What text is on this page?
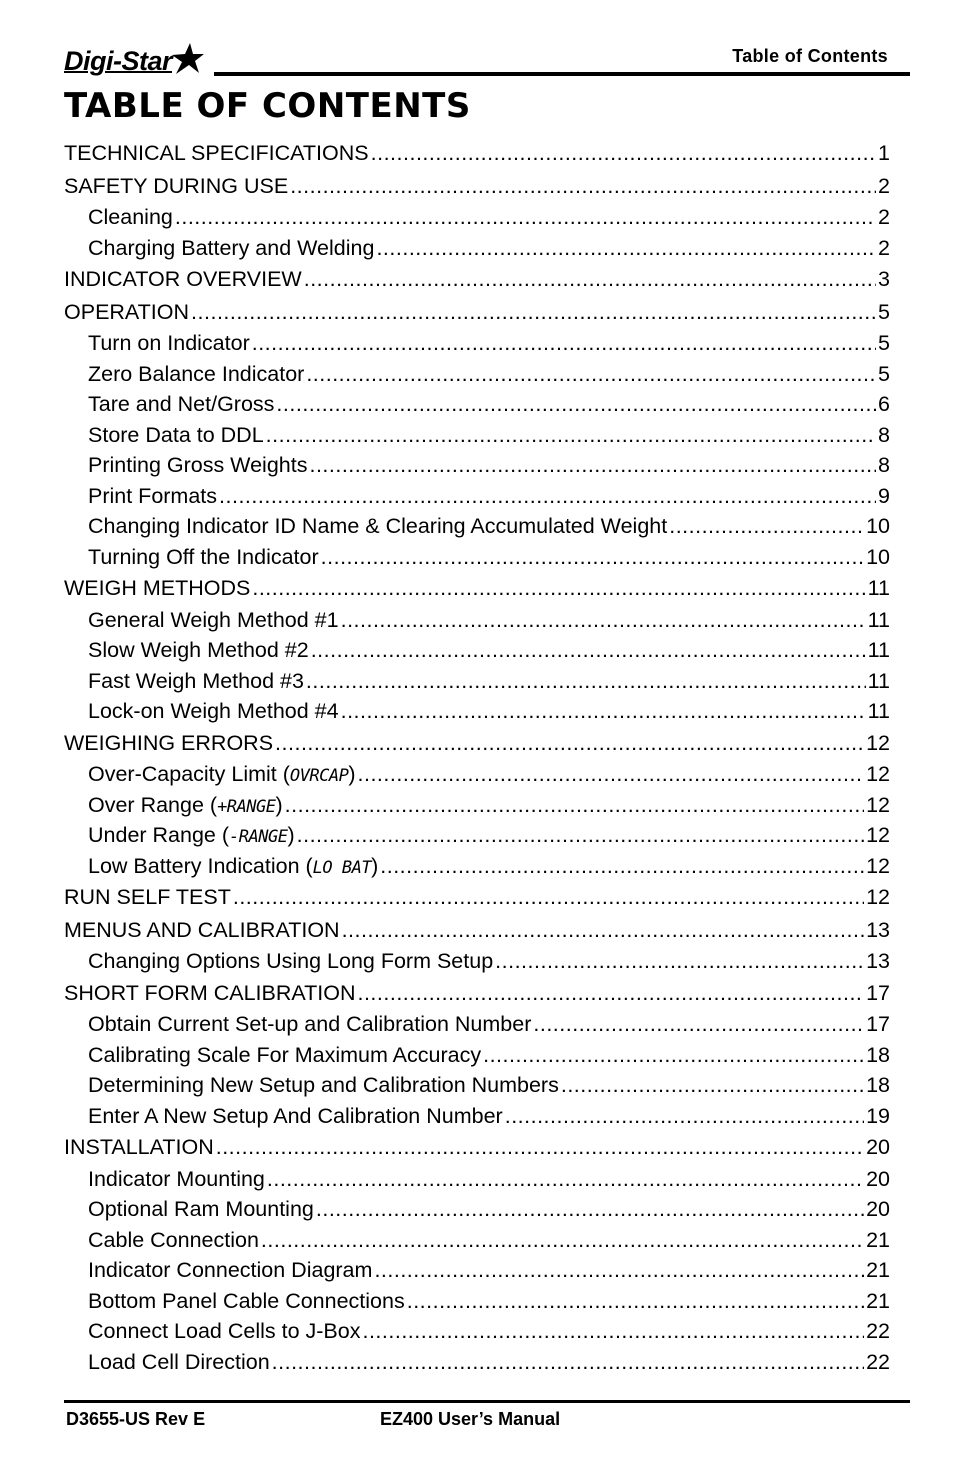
Digi-Star	Table of Contents
TABLE OF CONTENTS
TECHNICAL SPECIFICATIONS .....	1
SAFETY DURING USE .....	2
Cleaning .....	2
Charging Battery and Welding .....	2
INDICATOR OVERVIEW .....	3
OPERATION .....	5
Turn on Indicator .....	5
Zero Balance Indicator .....	5
Tare and Net/Gross .....	6
Store Data to DDL .....	8
Printing Gross Weights .....	8
Print Formats .....	9
Changing Indicator ID Name & Clearing Accumulated Weight .....	10
Turning Off the Indicator .....	10
WEIGH METHODS .....	11
General Weigh Method #1 .....	11
Slow Weigh Method #2 .....	11
Fast Weigh Method #3 .....	11
Lock-on Weigh Method #4 .....	11
WEIGHING ERRORS .....	12
Over-Capacity Limit (OVRCAP) .....	12
Over Range (+RANGE) .....	12
Under Range (-RANGE) .....	12
Low Battery Indication (LO BAT) .....	12
RUN SELF TEST .....	12
MENUS AND CALIBRATION .....	13
Changing Options Using Long Form Setup .....	13
SHORT FORM CALIBRATION .....	17
Obtain Current Set-up and Calibration Number .....	17
Calibrating Scale For Maximum Accuracy .....	18
Determining New Setup and Calibration Numbers .....	18
Enter A New Setup And Calibration Number .....	19
INSTALLATION .....	20
Indicator Mounting .....	20
Optional Ram Mounting .....	20
Cable Connection .....	21
Indicator Connection Diagram .....	21
Bottom Panel Cable Connections .....	21
Connect Load Cells to J-Box .....	22
Load Cell Direction .....	22
D3655-US Rev E	EZ400 User’s Manual
